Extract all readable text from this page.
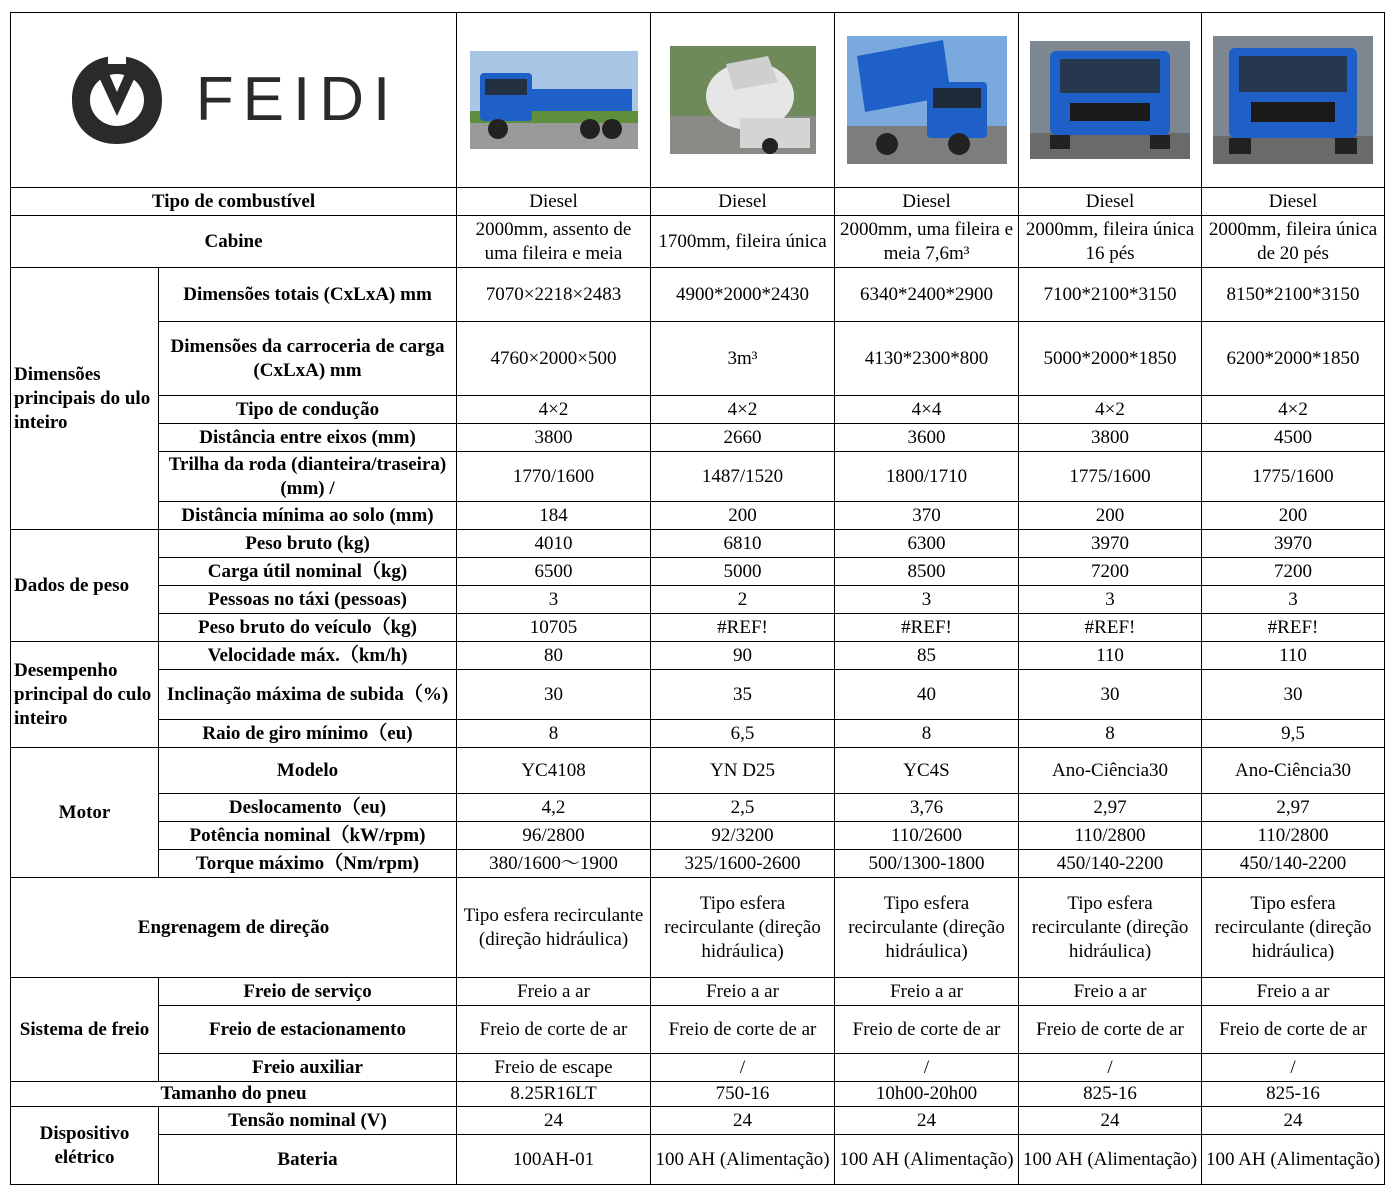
FEIDI

Tipo de combustível		Diesel	Diesel	Diesel	Diesel	Diesel
Cabine		2000mm, assento de uma fileira e meia	1700mm, fileira única	2000mm, uma fileira e meia 7,6m³	2000mm, fileira única 16 pés	2000mm, fileira única de 20 pés
Dimensões principais do ulo inteiro	Dimensões totais (CxLxA) mm	7070×2218×2483	4900*2000*2430	6340*2400*2900	7100*2100*3150	8150*2100*3150
	Dimensões da carroceria de carga (CxLxA) mm	4760×2000×500	3m³	4130*2300*800	5000*2000*1850	6200*2000*1850
	Tipo de condução	4×2	4×2	4×4	4×2	4×2
	Distância entre eixos (mm)	3800	2660	3600	3800	4500
	Trilha da roda (dianteira/traseira) (mm) /	1770/1600	1487/1520	1800/1710	1775/1600	1775/1600
	Distância mínima ao solo (mm)	184	200	370	200	200
Dados de peso	Peso bruto (kg)	4010	6810	6300	3970	3970
	Carga útil nominal（kg)	6500	5000	8500	7200	7200
	Pessoas no táxi (pessoas)	3	2	3	3	3
	Peso bruto do veículo（kg)	10705	#REF!	#REF!	#REF!	#REF!
Desempenho principal do culo inteiro	Velocidade máx.（km/h)	80	90	85	110	110
	Inclinação máxima de subida（%)	30	35	40	30	30
	Raio de giro mínimo（eu)	8	6,5	8	8	9,5
Motor	Modelo	YC4108	YN D25	YC4S	Ano-Ciência30	Ano-Ciência30
	Deslocamento（eu)	4,2	2,5	3,76	2,97	2,97
	Potência nominal（kW/rpm)	96/2800	92/3200	110/2600	110/2800	110/2800
	Torque máximo（Nm/rpm)	380/1600～1900	325/1600-2600	500/1300-1800	450/140-2200	450/140-2200
Engrenagem de direção		Tipo esfera recirculante (direção hidráulica)	Tipo esfera recirculante (direção hidráulica)	Tipo esfera recirculante (direção hidráulica)	Tipo esfera recirculante (direção hidráulica)	Tipo esfera recirculante (direção hidráulica)
Sistema de freio	Freio de serviço	Freio a ar	Freio a ar	Freio a ar	Freio a ar	Freio a ar
	Freio de estacionamento	Freio de corte de ar	Freio de corte de ar	Freio de corte de ar	Freio de corte de ar	Freio de corte de ar
	Freio auxiliar	Freio de escape	/	/	/	/
Tamanho do pneu		8.25R16LT	750-16	10h00-20h00	825-16	825-16
Dispositivo elétrico	Tensão nominal (V)	24	24	24	24	24
	Bateria	100AH-01	100 AH (Alimentação)	100 AH (Alimentação)	100 AH (Alimentação)	100 AH (Alimentação)
